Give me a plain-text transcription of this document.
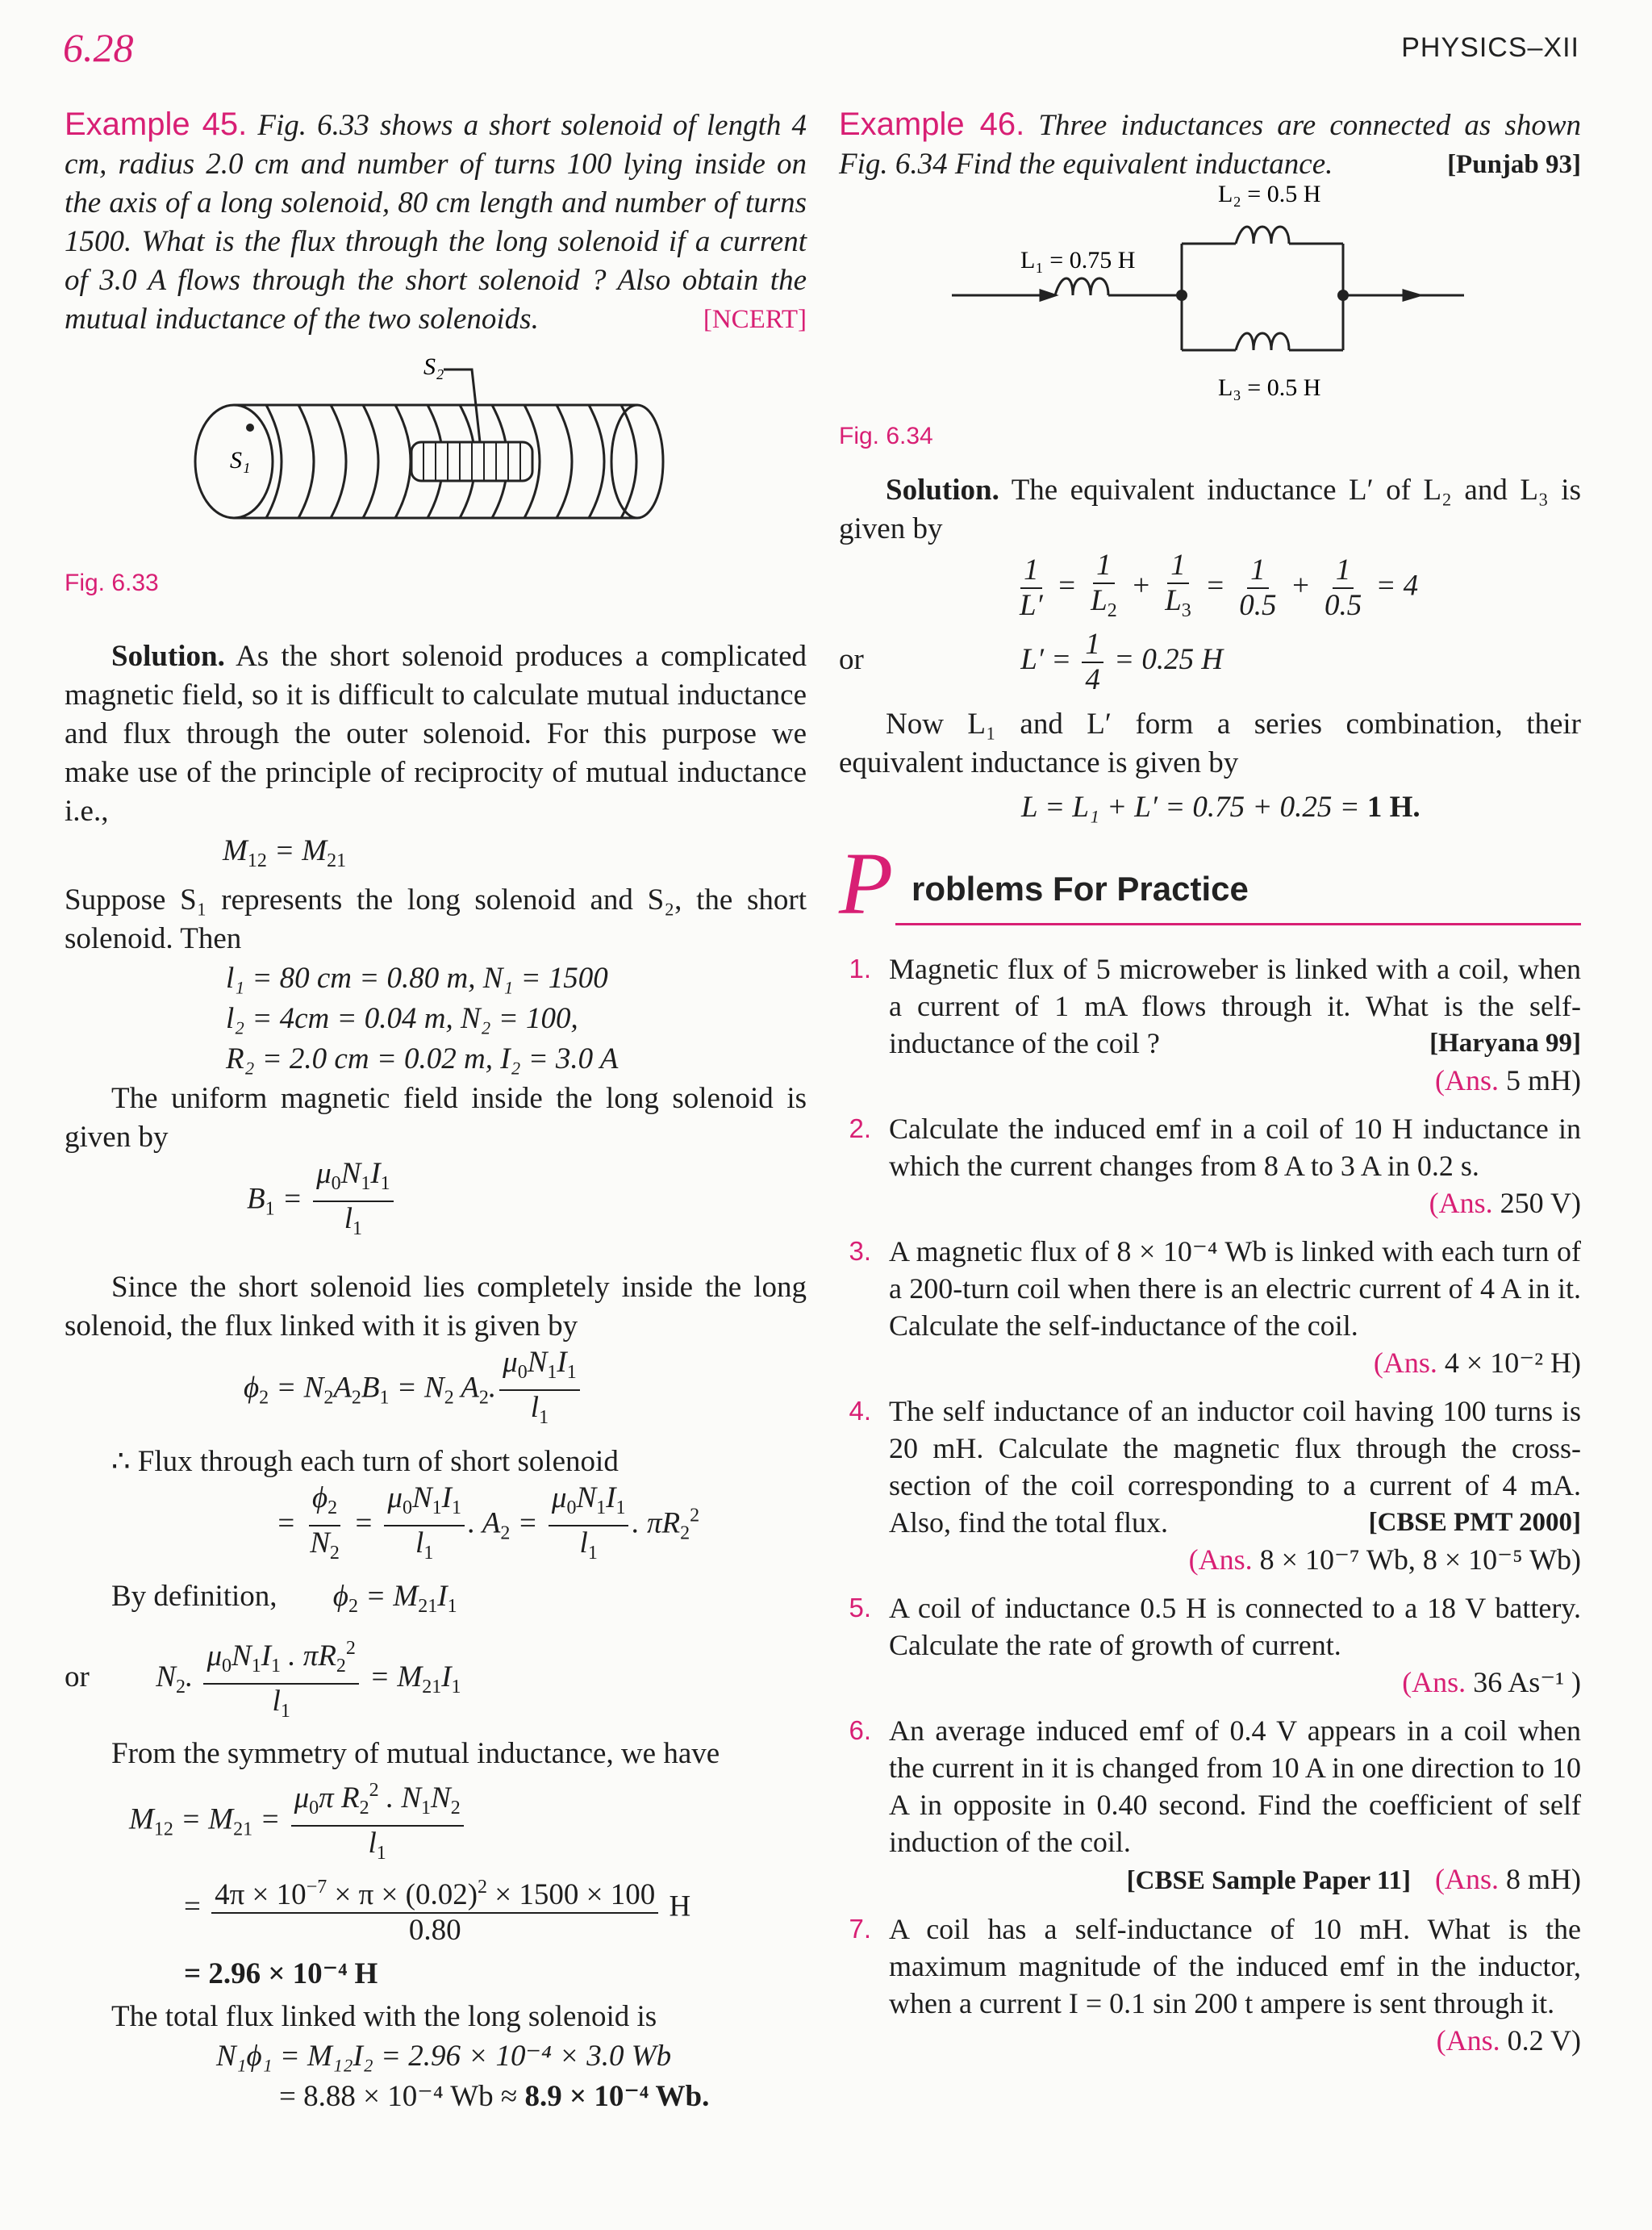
6.28	PHYSICS–XII

Example 45. Fig. 6.33 shows a short solenoid of length 4 cm, radius 2.0 cm and number of turns 100 lying inside on the axis of a long solenoid, 80 cm length and number of turns 1500. What is the flux through the long solenoid if a current of 3.0 A flows through the short solenoid ? Also obtain the mutual inductance of the two solenoids.	[NCERT]

S₂
S₁

Fig. 6.33

Solution. As the short solenoid produces a complicated magnetic field, so it is difficult to calculate mutual inductance and flux through the outer solenoid. For this purpose we make use of the principle of reciprocity of mutual inductance i.e.,

$M_{12} = M_{21}$

Suppose S₁ represents the long solenoid and S₂, the short solenoid. Then

l₁ = 80 cm = 0.80 m, N₁ = 1500

l₂ = 4cm = 0.04 m, N₂ = 100,

R₂ = 2.0 cm = 0.02 m, I₂ = 3.0 A

The uniform magnetic field inside the long solenoid is given by

$B_1 = \frac{\mu_0N_1I_1}{l_1}$

Since the short solenoid lies completely inside the long solenoid, the flux linked with it is given by

$\phi_2 = N_2A_2B_1 = N_2$ $A_2$. $\frac{\mu_0N_1I_1}{l_1}$

∴ Flux through each turn of short solenoid

= $\frac{\phi_2}{N_2} = \frac{\mu_0N_1I_1}{l_1}$ . $A_2 = \frac{\mu_0N_1I_1}{l_1}$ . $\pi R_2^2$

By definition, $\phi_2 = M_{21}I_1$

or $N_2$. $\frac{\mu_0N_1I_1 . \pi R_2^2}{l_1} = M_{21}I_1$

From the symmetry of mutual inductance, we have

$M_{12} = M_{21} = \frac{\mu_0\pi R_2^2 . N_1N_2}{l_1}$

= $\frac{4\pi \times 10^{-7} \times \pi \times (0.02)^2 \times 1500 \times 100}{0.80}$ H

= 2.96 × 10⁻⁴ H

The total flux linked with the long solenoid is

N₁ϕ₁ = M₁₂I₂ = 2.96 × 10⁻⁴ × 3.0 Wb

= 8.88 × 10⁻⁴ Wb ≈ 8.9 × 10⁻⁴ Wb.

Example 46. Three inductances are connected as shown Fig. 6.34 Find the equivalent inductance.	[Punjab 93]

L₁ = 0.75 H
L₂ = 0.5 H
L₃ = 0.5 H

Fig. 6.34

Solution. The equivalent inductance L′ of L₂ and L₃ is given by

$\frac{1}{L'} = \frac{1}{L_2} + \frac{1}{L_3} = \frac{1}{0.5} + \frac{1}{0.5} = 4$

or	$L' = \frac{1}{4} = 0.25$ H

Now L₁ and L′ form a series combination, their equivalent inductance is given by

L = L₁ + L′ = 0.75 + 0.25 = 1 H.

P roblems For Practice
1. Magnetic flux of 5 microweber is linked with a coil, when a current of 1 mA flows through it. What is the self-inductance of the coil ?	[Haryana 99]
(Ans. 5 mH)
2. Calculate the induced emf in a coil of 10 H inductance in which the current changes from 8 A to 3 A in 0.2 s.
(Ans. 250 V)
3. A magnetic flux of 8 × 10⁻⁴ Wb is linked with each turn of a 200-turn coil when there is an electric current of 4 A in it. Calculate the self-inductance of the coil.
(Ans. 4 × 10⁻² H)
4. The self inductance of an inductor coil having 100 turns is 20 mH. Calculate the magnetic flux through the cross-section of the coil corresponding to a current of 4 mA. Also, find the total flux.	[CBSE PMT 2000]
(Ans. 8 × 10⁻⁷ Wb, 8 × 10⁻⁵ Wb)
5. A coil of inductance 0.5 H is connected to a 18 V battery. Calculate the rate of growth of current.
(Ans. 36 As⁻¹ )
6. An average induced emf of 0.4 V appears in a coil when the current in it is changed from 10 A in one direction to 10 A in opposite in 0.40 second. Find the coefficient of self induction of the coil.
[CBSE Sample Paper 11] (Ans. 8 mH)
7. A coil has a self-inductance of 10 mH. What is the maximum magnitude of the induced emf in the inductor, when a current I = 0.1 sin 200 t ampere is sent through it.
(Ans. 0.2 V)
